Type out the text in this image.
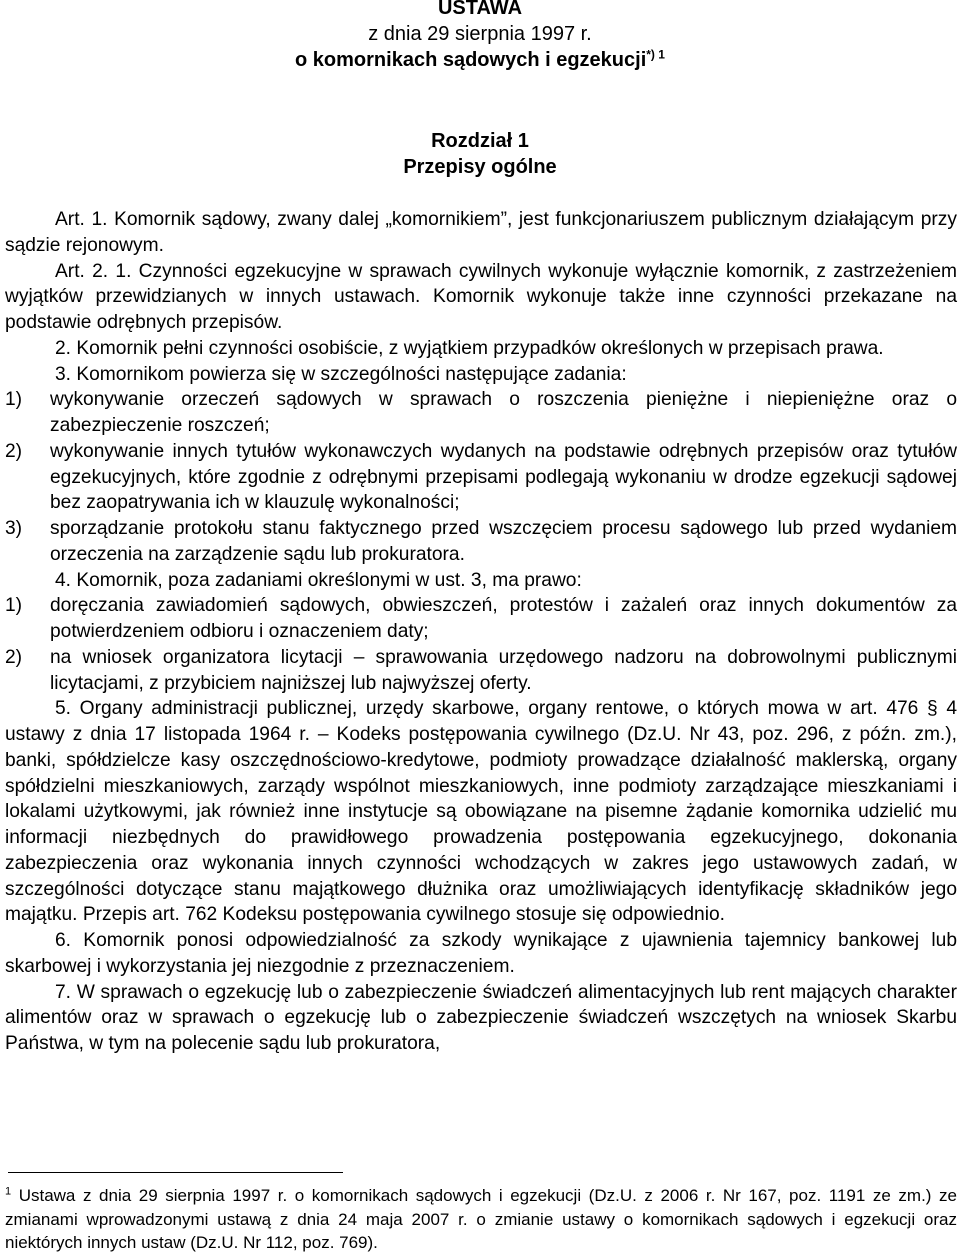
USTAWA
z dnia 29 sierpnia 1997 r.
o komornikach sądowych i egzekucji$^{*) 1}$
Rozdział 1
Przepisy ogólne

Art. 1. Komornik sądowy, zwany dalej „komornikiem”, jest funkcjonariuszem publicznym działającym przy sądzie rejonowym.

Art. 2. 1. Czynności egzekucyjne w sprawach cywilnych wykonuje wyłącznie komornik, z zastrzeżeniem wyjątków przewidzianych w innych ustawach. Komornik wykonuje także inne czynności przekazane na podstawie odrębnych przepisów.

2. Komornik pełni czynności osobiście, z wyjątkiem przypadków określonych w przepisach prawa.

3. Komornikom powierza się w szczególności następujące zadania:

1)	wykonywanie orzeczeń sądowych w sprawach o roszczenia pieniężne i niepieniężne oraz o zabezpieczenie roszczeń;

2)	wykonywanie innych tytułów wykonawczych wydanych na podstawie odrębnych przepisów oraz tytułów egzekucyjnych, które zgodnie z odrębnymi przepisami podlegają wykonaniu w drodze egzekucji sądowej bez zaopatrywania ich w klauzulę wykonalności;

3)	sporządzanie protokołu stanu faktycznego przed wszczęciem procesu sądowego lub przed wydaniem orzeczenia na zarządzenie sądu lub prokuratora.

4. Komornik, poza zadaniami określonymi w ust. 3, ma prawo:

1)	doręczania zawiadomień sądowych, obwieszczeń, protestów i zażaleń oraz innych dokumentów za potwierdzeniem odbioru i oznaczeniem daty;

2)	na wniosek organizatora licytacji – sprawowania urzędowego nadzoru na dobrowolnymi publicznymi licytacjami, z przybiciem najniższej lub najwyższej oferty.

5. Organy administracji publicznej, urzędy skarbowe, organy rentowe, o których mowa w art. 476 § 4 ustawy z dnia 17 listopada 1964 r. – Kodeks postępowania cywilnego (Dz.U. Nr 43, poz. 296, z późn. zm.), banki, spółdzielcze kasy oszczędnościowo-kredytowe, podmioty prowadzące działalność maklerską, organy spółdzielni mieszkaniowych, zarządy wspólnot mieszkaniowych, inne podmioty zarządzające mieszkaniami i lokalami użytkowymi, jak również inne instytucje są obowiązane na pisemne żądanie komornika udzielić mu informacji niezbędnych do prawidłowego prowadzenia postępowania egzekucyjnego, dokonania zabezpieczenia oraz wykonania innych czynności wchodzących w zakres jego ustawowych zadań, w szczególności dotyczące stanu majątkowego dłużnika oraz umożliwiających identyfikację składników jego majątku. Przepis art. 762 Kodeksu postępowania cywilnego stosuje się odpowiednio.

6. Komornik ponosi odpowiedzialność za szkody wynikające z ujawnienia tajemnicy bankowej lub skarbowej i wykorzystania jej niezgodnie z przeznaczeniem.

7. W sprawach o egzekucję lub o zabezpieczenie świadczeń alimentacyjnych lub rent mających charakter alimentów oraz w sprawach o egzekucję lub o zabezpieczenie świadczeń wszczętych na wniosek Skarbu Państwa, w tym na polecenie sądu lub prokuratora,

$^1$ Ustawa z dnia 29 sierpnia 1997 r. o komornikach sądowych i egzekucji (Dz.U. z 2006 r. Nr 167, poz. 1191 ze zm.) ze zmianami wprowadzonymi ustawą z dnia 24 maja 2007 r. o zmianie ustawy o komornikach sądowych i egzekucji oraz niektórych innych ustaw (Dz.U. Nr 112, poz. 769).
